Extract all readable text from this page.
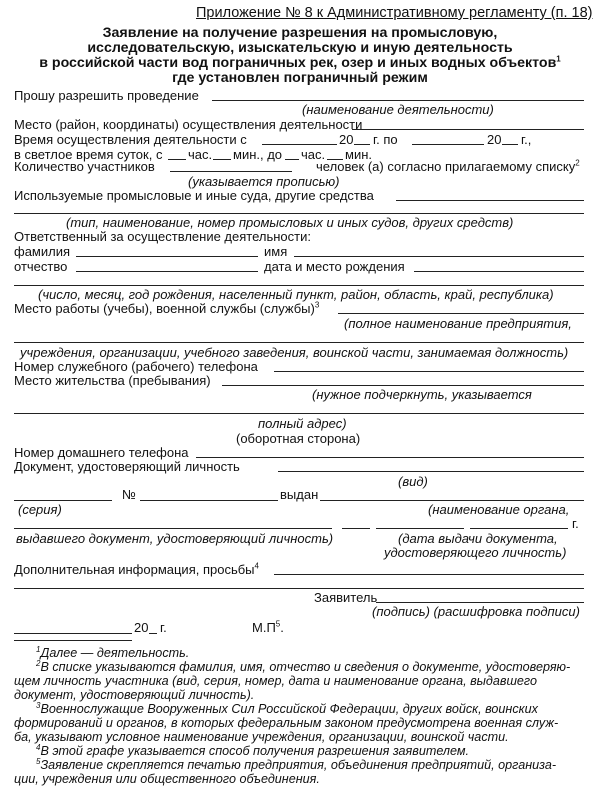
Приложение № 8 к Административному регламенту (п. 18)
Заявление на получение разрешения на промысловую,
исследовательскую, изыскательскую и иную деятельность
в российской части вод пограничных рек, озер и иных водных объектов$^1$
где установлен пограничный режим
Прошу разрешить проведение
(наименование деятельности)
Место (район, координаты) осуществления деятельности
Время осуществления деятельности с	20 г. по	20 г.,
в светлое время суток, с час. мин., до час. мин.
Количество участников	человек (а) согласно прилагаемому списку$^2$
(указывается прописью)
Используемые промысловые и иные суда, другие средства
(тип, наименование, номер промысловых и иных судов, других средств)
Ответственный за осуществление деятельности:
фамилия	имя
отчество	дата и место рождения
(число, месяц, год рождения, населенный пункт, район, область, край, республика)
Место работы (учебы), военной службы (службы)$^3$
(полное наименование предприятия,
учреждения, организации, учебного заведения, воинской части, занимаемая должность)
Номер служебного (рабочего) телефона
Место жительства (пребывания)
(нужное подчеркнуть, указывается
полный адрес)
(оборотная сторона)
Номер домашнего телефона
Документ, удостоверяющий личность
(вид)
№	выдан
(серия)	(наименование органа,
г.
выдавшего документ, удостоверяющий личность)	(дата выдачи документа,
удостоверяющего личность)
Дополнительная информация, просьбы$^4$
Заявитель
(подпись) (расшифровка подписи)
20 г.	$М.П^5$.
$^1$Далее — деятельность.
$^2$В списке указываются фамилия, имя, отчество и сведения о документе, удостоверяю-
щем личность участника (вид, серия, номер, дата и наименование органа, выдавшего
документ, удостоверяющий личность).
$^3$Военнослужащие Вооруженных Сил Российской Федерации, других войск, воинских
формирований и органов, в которых федеральным законом предусмотрена военная служ-
ба, указывают условное наименование учреждения, организации, воинской части.
$^4$В этой графе указывается способ получения разрешения заявителем.
$^5$Заявление скрепляется печатью предприятия, объединения предприятий, организа-
ции, учреждения или общественного объединения.
